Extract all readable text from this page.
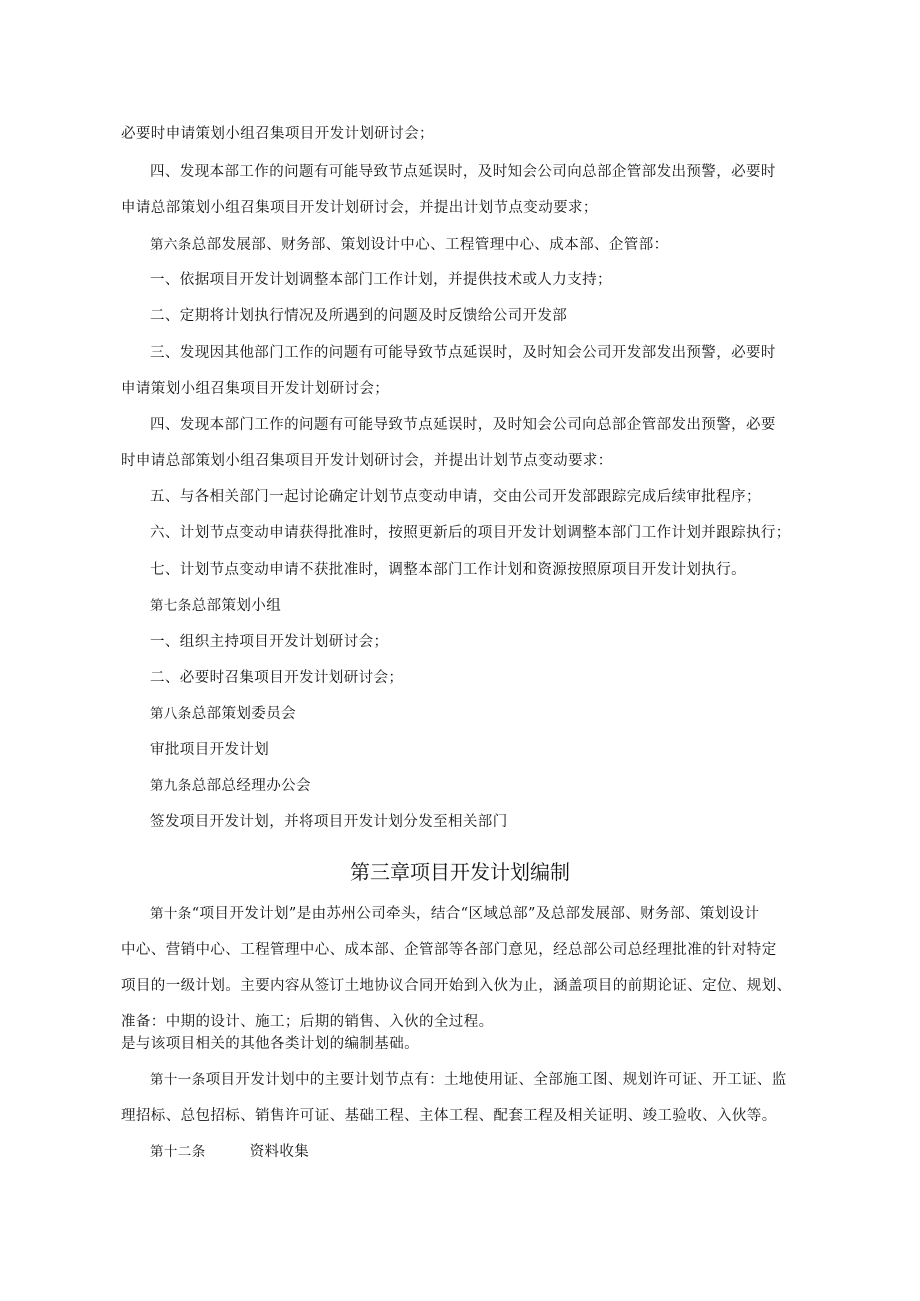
必要时申请策划小组召集项目开发计划研讨会；
四、发现本部工作的问题有可能导致节点延误时，及时知会公司向总部企管部发出预警，必要时
申请总部策划小组召集项目开发计划研讨会，并提出计划节点变动要求；
第六条总部发展部、财务部、策划设计中心、工程管理中心、成本部、企管部：
一、依据项目开发计划调整本部门工作计划，并提供技术或人力支持；
二、定期将计划执行情况及所遇到的问题及时反馈给公司开发部
三、发现因其他部门工作的问题有可能导致节点延误时，及时知会公司开发部发出预警，必要时
申请策划小组召集项目开发计划研讨会；
四、发现本部门工作的问题有可能导致节点延误时，及时知会公司向总部企管部发出预警，必要
时申请总部策划小组召集项目开发计划研讨会，并提出计划节点变动要求：
五、与各相关部门一起讨论确定计划节点变动申请，交由公司开发部跟踪完成后续审批程序；
六、计划节点变动申请获得批准时，按照更新后的项目开发计划调整本部门工作计划并跟踪执行；
七、计划节点变动申请不获批准时，调整本部门工作计划和资源按照原项目开发计划执行。
第七条总部策划小组
一、组织主持项目开发计划研讨会；
二、必要时召集项目开发计划研讨会；
第八条总部策划委员会
审批项目开发计划
第九条总部总经理办公会
签发项目开发计划，并将项目开发计划分发至相关部门
第三章项目开发计划编制
第十条“项目开发计划”是由苏州公司牵头，结合“区域总部”及总部发展部、财务部、策划设计
中心、营销中心、工程管理中心、成本部、企管部等各部门意见，经总部公司总经理批准的针对特定
项目的一级计划。主要内容从签订土地协议合同开始到入伙为止，涵盖项目的前期论证、定位、规划、
准备：中期的设计、施工；后期的销售、入伙的全过程。
是与该项目相关的其他各类计划的编制基础。
第十一条项目开发计划中的主要计划节点有：土地使用证、全部施工图、规划许可证、开工证、监
理招标、总包招标、销售许可证、基础工程、主体工程、配套工程及相关证明、竣工验收、入伙等。
第十二条	资料收集
